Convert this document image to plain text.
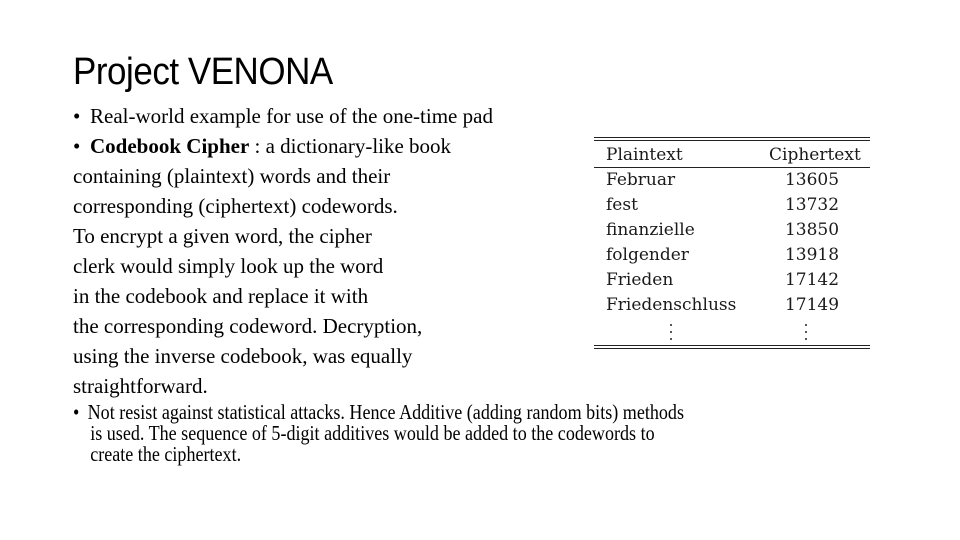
Project VENONA
• Real-world example for use of the one-time pad
• Codebook Cipher : a dictionary-like book
containing (plaintext) words and their
corresponding (ciphertext) codewords.
To encrypt a given word, the cipher
clerk would simply look up the word
in the codebook and replace it with
the corresponding codeword. Decryption,
using the inverse codebook, was equally
straightforward.
• Not resist against statistical attacks. Hence Additive (adding random bits) methods
is used. The sequence of 5-digit additives would be added to the codewords to
create the ciphertext.
Plaintext	Ciphertext
Februar	13605
fest	13732
finanzielle	13850
folgender	13918
Frieden	17142
Friedenschluss	17149
